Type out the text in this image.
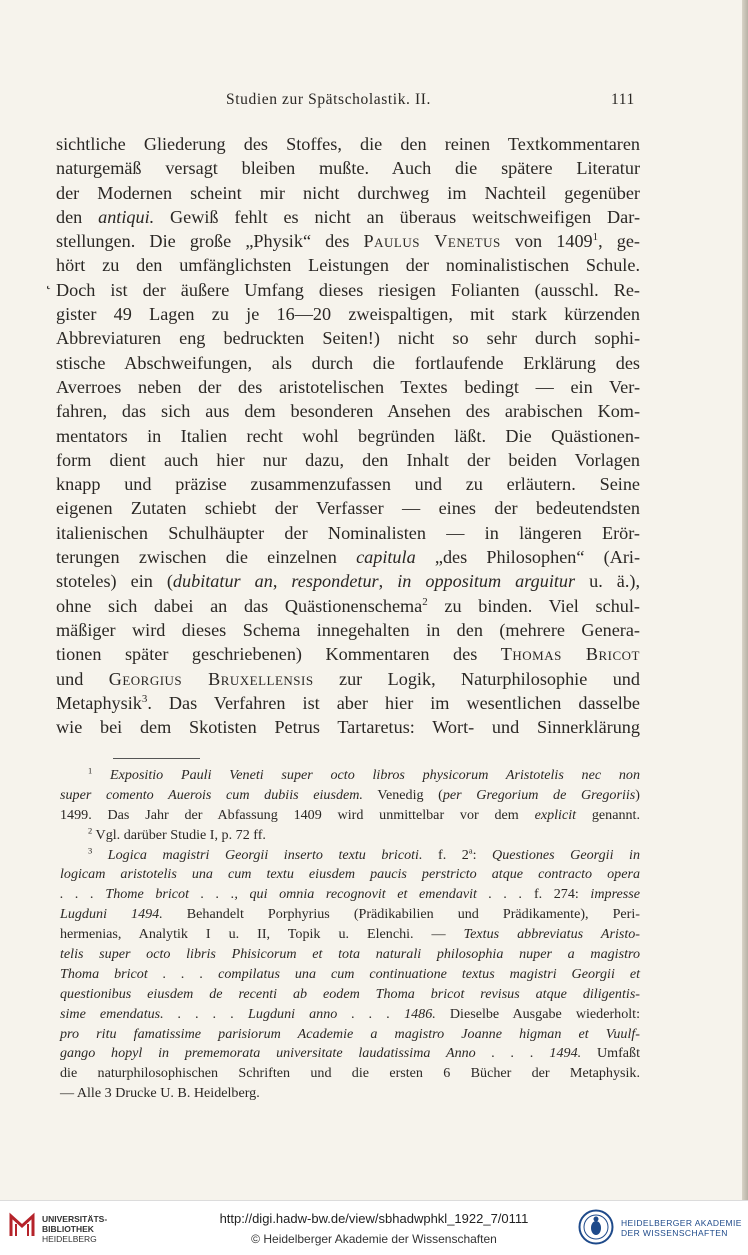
Studien zur Spätscholastik. II.	111
˛
sichtliche Gliederung des Stoffes, die den reinen Textkommentaren
naturgemäß versagt bleiben mußte. Auch die spätere Literatur
der Modernen scheint mir nicht durchweg im Nachteil gegenüber
den antiqui. Gewiß fehlt es nicht an überaus weitschweifigen Dar-
stellungen. Die große „Physik“ des Paulus Venetus von 1409$^1$, ge-
hört zu den umfänglichsten Leistungen der nominalistischen Schule.
Doch ist der äußere Umfang dieses riesigen Folianten (ausschl. Re-
gister 49 Lagen zu je 16—20 zweispaltigen, mit stark kürzenden
Abbreviaturen eng bedruckten Seiten!) nicht so sehr durch sophi-
stische Abschweifungen, als durch die fortlaufende Erklärung des
Averroes neben der des aristotelischen Textes bedingt — ein Ver-
fahren, das sich aus dem besonderen Ansehen des arabischen Kom-
mentators in Italien recht wohl begründen läßt. Die Quästionen-
form dient auch hier nur dazu, den Inhalt der beiden Vorlagen
knapp und präzise zusammenzufassen und zu erläutern. Seine
eigenen Zutaten schiebt der Verfasser — eines der bedeutendsten
italienischen Schulhäupter der Nominalisten — in längeren Erör-
terungen zwischen die einzelnen capitula „des Philosophen“ (Ari-
stoteles) ein (dubitatur an, respondetur, in oppositum arguitur u. ä.),
ohne sich dabei an das Quästionenschema$^2$ zu binden. Viel schul-
mäßiger wird dieses Schema innegehalten in den (mehrere Genera-
tionen später geschriebenen) Kommentaren des Thomas Bricot
und Georgius Bruxellensis zur Logik, Naturphilosophie und
Metaphysik$^3$. Das Verfahren ist aber hier im wesentlichen dasselbe
wie bei dem Skotisten Petrus Tartaretus: Wort- und Sinnerklärung
$^1$ Expositio Pauli Veneti super octo libros physicorum Aristotelis nec non
super comento Auerois cum dubiis eiusdem. Venedig (per Gregorium de Gregoriis)
1499. Das Jahr der Abfassung 1409 wird unmittelbar vor dem explicit genannt.
$^2$ Vgl. darüber Studie I, p. 72 ff.
$^3$ Logica magistri Georgii inserto textu bricoti. f. 2$^a$: Questiones Georgii in
logicam aristotelis una cum textu eiusdem paucis perstricto atque contracto opera
. . . Thome bricot . . ., qui omnia recognovit et emendavit . . . f. 274: impresse
Lugduni 1494. Behandelt Porphyrius (Prädikabilien und Prädikamente), Peri-
hermenias, Analytik I u. II, Topik u. Elenchi. — Textus abbreviatus Aristo-
telis super octo libris Phisicorum et tota naturali philosophia nuper a magistro
Thoma bricot . . . compilatus una cum continuatione textus magistri Georgii et
questionibus eiusdem de recenti ab eodem Thoma bricot revisus atque diligentis-
sime emendatus. . . . . Lugduni anno . . . 1486. Dieselbe Ausgabe wiederholt:
pro ritu famatissime parisiorum Academie a magistro Joanne higman et Vuulf-
gango hopyl in prememorata universitate laudatissima Anno . . . 1494. Umfaßt
die naturphilosophischen Schriften und die ersten 6 Bücher der Metaphysik.
— Alle 3 Drucke U. B. Heidelberg.
UNIVERSITÄTS-
BIBLIOTHEK
HEIDELBERG
http://digi.hadw-bw.de/view/sbhadwphkl_1922_7/0111
© Heidelberger Akademie der Wissenschaften
HEIDELBERGER AKADEMIE
DER WISSENSCHAFTEN
